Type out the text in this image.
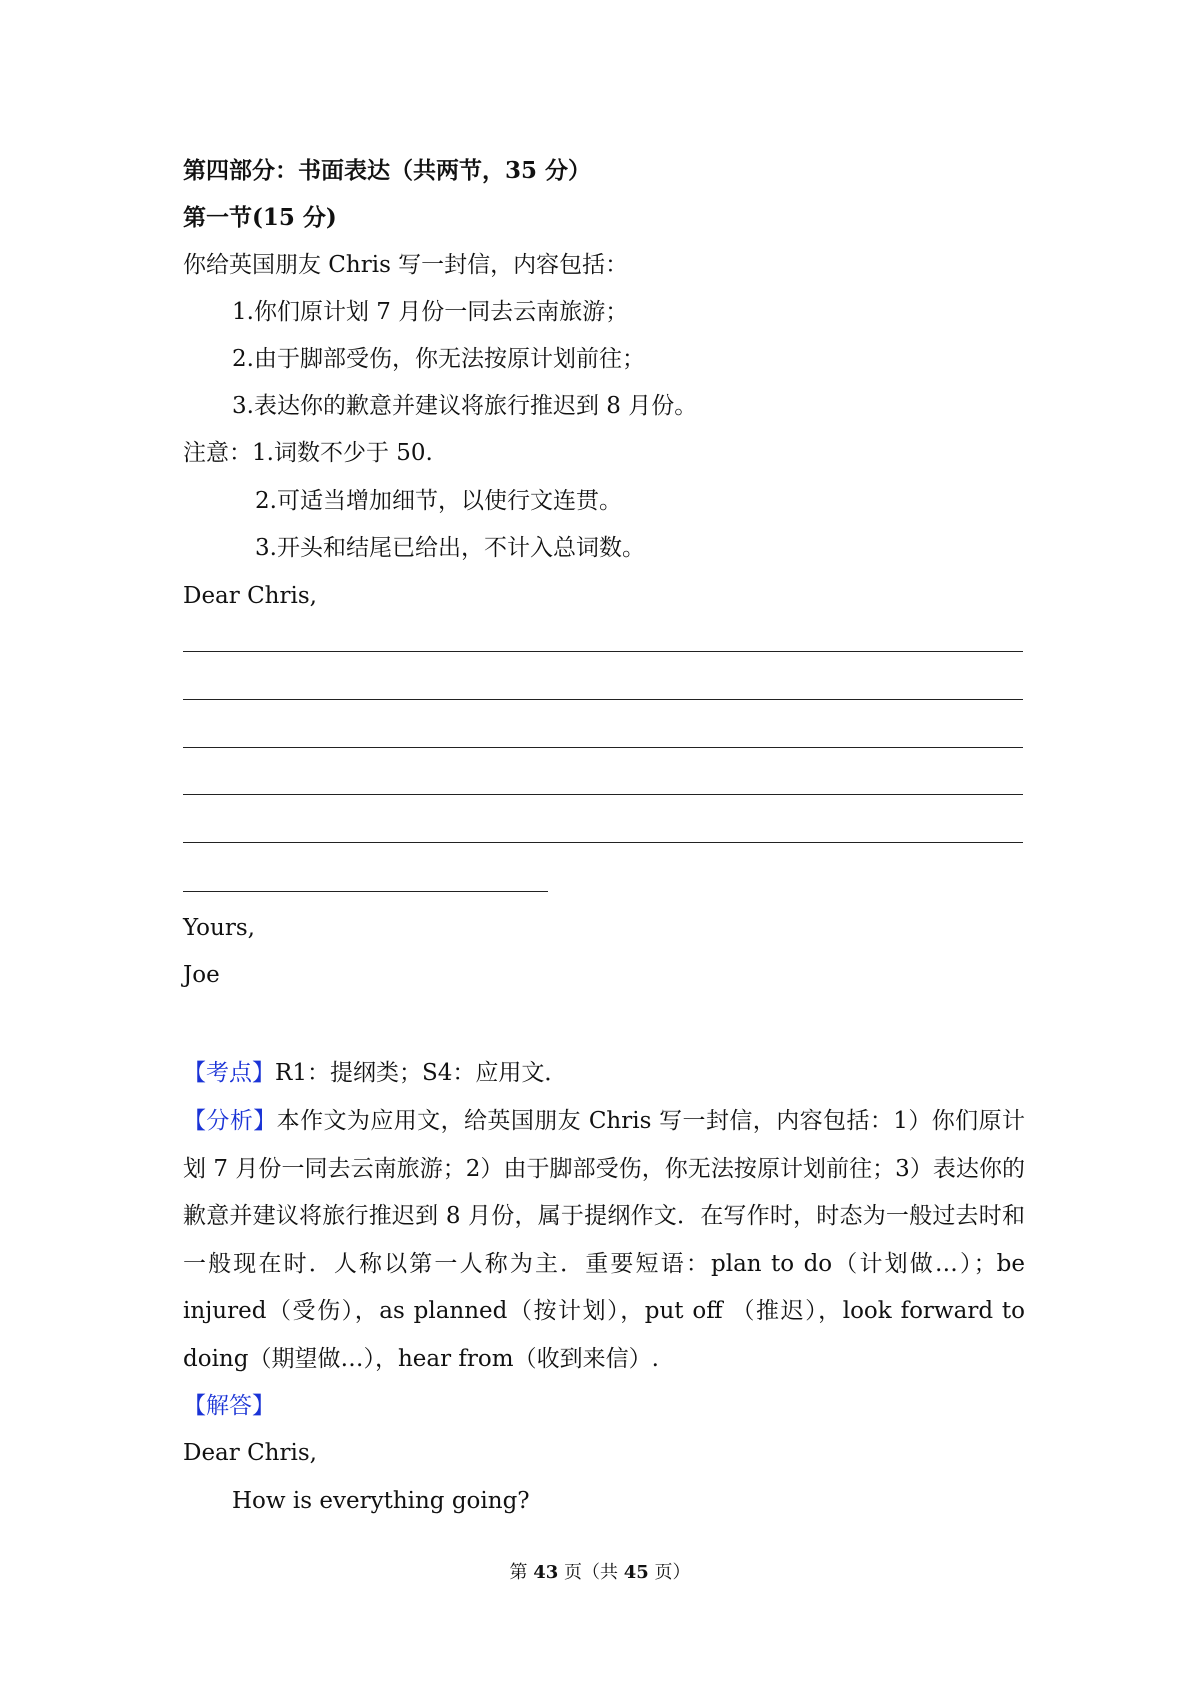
第四部分：书面表达（共两节，35 分）
第一节(15 分)
你给英国朋友 Chris 写一封信，内容包括：
1.你们原计划 7 月份一同去云南旅游；
2.由于脚部受伤，你无法按原计划前往；
3.表达你的歉意并建议将旅行推迟到 8 月份。
注意：1.词数不少于 50.
2.可适当增加细节，以使行文连贯。
3.开头和结尾已给出，不计入总词数。
Dear Chris,
Yours,
Joe
【考点】R1：提纲类；S4：应用文．
【分析】本作文为应用文，给英国朋友 Chris 写一封信，内容包括：1）你们原计划 7 月份一同去云南旅游；2）由于脚部受伤，你无法按原计划前往；3）表达你的歉意并建议将旅行推迟到 8 月份，属于提纲作文．在写作时，时态为一般过去时和一般现在时．人称以第一人称为主．重要短语：plan to do（计划做…）；be injured（受伤），as planned（按计划），put off （推迟），look forward to doing（期望做…），hear from（收到来信）.
【解答】
Dear Chris,
How is everything going?
第 43 页（共 45 页）
